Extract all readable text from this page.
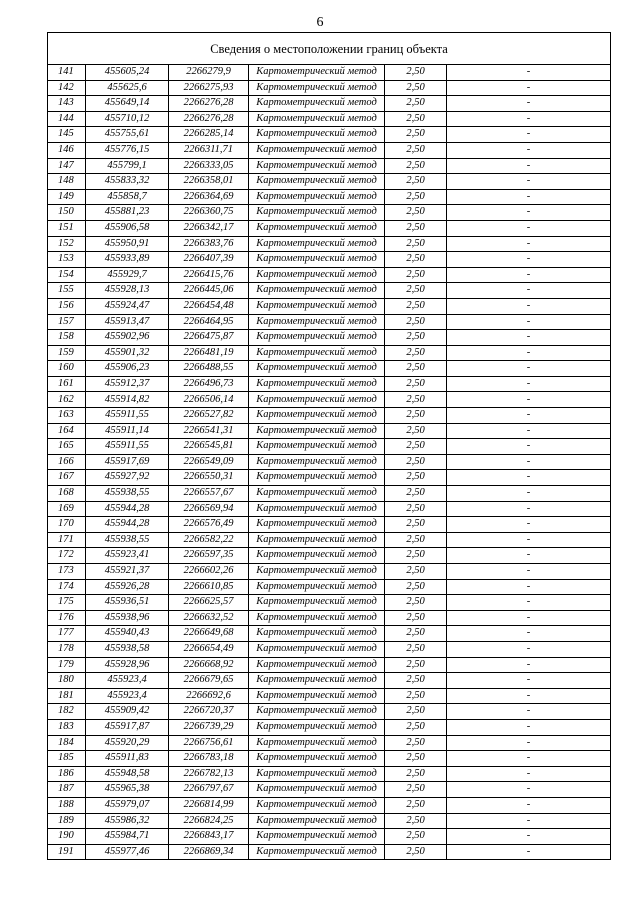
6
Сведения о местоположении границ объекта					
141	455605,24	2266279,9	Картометрический метод	2,50	-
142	455625,6	2266275,93	Картометрический метод	2,50	-
143	455649,14	2266276,28	Картометрический метод	2,50	-
144	455710,12	2266276,28	Картометрический метод	2,50	-
145	455755,61	2266285,14	Картометрический метод	2,50	-
146	455776,15	2266311,71	Картометрический метод	2,50	-
147	455799,1	2266333,05	Картометрический метод	2,50	-
148	455833,32	2266358,01	Картометрический метод	2,50	-
149	455858,7	2266364,69	Картометрический метод	2,50	-
150	455881,23	2266360,75	Картометрический метод	2,50	-
151	455906,58	2266342,17	Картометрический метод	2,50	-
152	455950,91	2266383,76	Картометрический метод	2,50	-
153	455933,89	2266407,39	Картометрический метод	2,50	-
154	455929,7	2266415,76	Картометрический метод	2,50	-
155	455928,13	2266445,06	Картометрический метод	2,50	-
156	455924,47	2266454,48	Картометрический метод	2,50	-
157	455913,47	2266464,95	Картометрический метод	2,50	-
158	455902,96	2266475,87	Картометрический метод	2,50	-
159	455901,32	2266481,19	Картометрический метод	2,50	-
160	455906,23	2266488,55	Картометрический метод	2,50	-
161	455912,37	2266496,73	Картометрический метод	2,50	-
162	455914,82	2266506,14	Картометрический метод	2,50	-
163	455911,55	2266527,82	Картометрический метод	2,50	-
164	455911,14	2266541,31	Картометрический метод	2,50	-
165	455911,55	2266545,81	Картометрический метод	2,50	-
166	455917,69	2266549,09	Картометрический метод	2,50	-
167	455927,92	2266550,31	Картометрический метод	2,50	-
168	455938,55	2266557,67	Картометрический метод	2,50	-
169	455944,28	2266569,94	Картометрический метод	2,50	-
170	455944,28	2266576,49	Картометрический метод	2,50	-
171	455938,55	2266582,22	Картометрический метод	2,50	-
172	455923,41	2266597,35	Картометрический метод	2,50	-
173	455921,37	2266602,26	Картометрический метод	2,50	-
174	455926,28	2266610,85	Картометрический метод	2,50	-
175	455936,51	2266625,57	Картометрический метод	2,50	-
176	455938,96	2266632,52	Картометрический метод	2,50	-
177	455940,43	2266649,68	Картометрический метод	2,50	-
178	455938,58	2266654,49	Картометрический метод	2,50	-
179	455928,96	2266668,92	Картометрический метод	2,50	-
180	455923,4	2266679,65	Картометрический метод	2,50	-
181	455923,4	2266692,6	Картометрический метод	2,50	-
182	455909,42	2266720,37	Картометрический метод	2,50	-
183	455917,87	2266739,29	Картометрический метод	2,50	-
184	455920,29	2266756,61	Картометрический метод	2,50	-
185	455911,83	2266783,18	Картометрический метод	2,50	-
186	455948,58	2266782,13	Картометрический метод	2,50	-
187	455965,38	2266797,67	Картометрический метод	2,50	-
188	455979,07	2266814,99	Картометрический метод	2,50	-
189	455986,32	2266824,25	Картометрический метод	2,50	-
190	455984,71	2266843,17	Картометрический метод	2,50	-
191	455977,46	2266869,34	Картометрический метод	2,50	-
